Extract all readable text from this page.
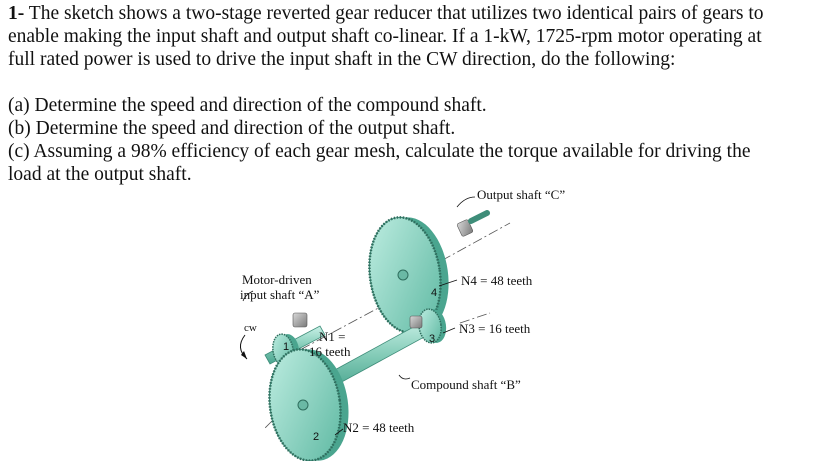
1- The sketch shows a two-stage reverted gear reducer that utilizes two identical pairs of gears to
enable making the input shaft and output shaft co-linear. If a 1-kW, 1725-rpm motor operating at
full rated power is used to drive the input shaft in the CW direction, do the following:
(a) Determine the speed and direction of the compound shaft.
(b) Determine the speed and direction of the output shaft.
(c) Assuming a 98% efficiency of each gear mesh, calculate the torque available for driving the
load at the output shaft.
Output shaft “C”
Motor-driven
input shaft “A”
cw
N1 =
16 teeth
N4 = 48 teeth
N3 = 16 teeth
Compound shaft “B”
N2 = 48 teeth
1
2
3
4
